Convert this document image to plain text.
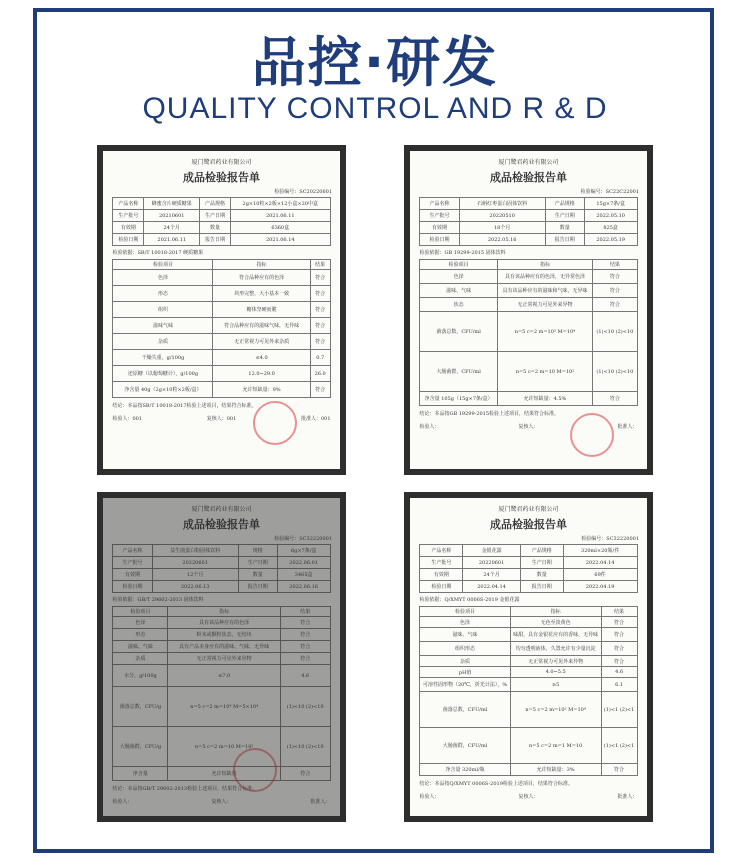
品控·研发
QUALITY CONTROL AND R & D
厦门鹭君药业有限公司
成品检验报告单
检验编号：SC20220601
产品名称	蜂蜜含片硬质糖果	产品规格	2g×10粒×2板×12小盒×20中盒
生产批号	20210601	生产日期	2021.06.11
有效期	24个月	数量	6360盒
检验日期	2021.06.11	报告日期	2021.06.14
检验依据：SB/T 10018-2017 硬质糖果
检验项目	指标	结果
色泽	符合品种应有的色泽	符合
形态	块形完整，大小基本一致	符合
组织	糖体坚硬而脆	符合
滋味气味	符合品种应有的滋味气味，无异味	符合
杂质	无正常视力可见外来杂质	符合
干燥失重，g/100g	≤4.0	0.7
还原糖（以葡萄糖计），g/100g	12.0~29.0	26.0
净含量 40g（2g×10粒×2板/盒）	允许短缺量：9%	符合
结论：本品按SB/T 10018-2017检验上述项目，结果符合标准。
检验人：001	复核人：001	批准人：001
厦门鹭君药业有限公司
成品检验报告单
检验编号：SC22C22001
产品名称	石斛红枣蛋白固体饮料	产品规格	15g×7条/盒
生产批号	20220510	生产日期	2022.05.10
有效期	18个月	数量	825盒
检验日期	2022.05.16	报告日期	2022.05.19
检验依据：GB 19299-2015 固体饮料
检验项目	指标	结果
色泽	具有该品种应有的色泽，无异常色泽	符合
滋味、气味	具有该品种应有的滋味和气味，无异味	符合
状态	无正常视力可见外来异物	符合
菌落总数，CFU/ml	n=5 c=2 m=10³ M=10⁴	(1)<10 (2)<10
大肠菌群，CFU/ml	n=5 c=2 m=10 M=10²	(1)<10 (2)<10
净含量 105g（15g×7条/盒）	允许短缺量：4.5%	符合
结论：本品按GB 19299-2015检验上述项目，结果符合标准。
检验人：	复核人：	批准人：
厦门鹭君药业有限公司
成品检验报告单
检验编号：SC32220001
产品名称	益生菌蛋白粉固体饮料	规格	6g×7条/盒
生产批号	20220601	生产日期	2022.06.01
有效期	12个月	数量	3465盒
检验日期	2022.06.13	报告日期	2022.06.16
检验依据：GB/T 29602-2013 固体饮料
检验项目	指标	结果
色泽	具有该品种应有的色泽	符合
形态	粉末或颗粒状态，无结块	符合
滋味、气味	具有产品本身应有的滋味、气味，无异味	符合
杂质	无正常视力可见外来异物	符合
水分，g/100g	≤7.0	4.6
菌落总数，CFU/g	n=5 c=2 m=10⁴ M=5×10⁴	(1)<10 (2)<10
大肠菌群，CFU/g	n=5 c=2 m=10 M=10²	(1)<10 (2)<10
净含量	允许短缺量	符合
结论：本品按GB/T 29602-2013检验上述项目，结果符合标准。
检验人：	复核人：	批准人：
厦门鹭君药业有限公司
成品检验报告单
检验编号：SC32220001
产品名称	金银花露	产品规格	320ml×20瓶/件
生产批号	20220601	生产日期	2022.04.14
有效期	24个月	数量	69件
检验日期	2022.04.14	报告日期	2022.04.19
检验依据：Q/XMYT 0006S-2019 金银花露
检验项目	指标	结果
色泽	无色至淡黄色	符合
滋味、气味	味甜，具有金银花应有的香味，无异味	符合
组织形态	均匀透明液体，久置允许有少量沉淀	符合
杂质	无正常视力可见外来异物	符合
pH值	4.0~5.5	4.6
可溶性固形物（20℃，折光计法），%	≥5	6.1
菌落总数，CFU/ml	n=5 c=2 m=10² M=10⁴	(1)<1 (2)<1
大肠菌群，CFU/ml	n=5 c=2 m=1 M=10	(1)<1 (2)<1
净含量 320ml/瓶	允许短缺量：3%	符合
结论：本品按Q/XMYT 0006S-2019检验上述项目，结果符合标准。
检验人：	复核人：	批准人：
